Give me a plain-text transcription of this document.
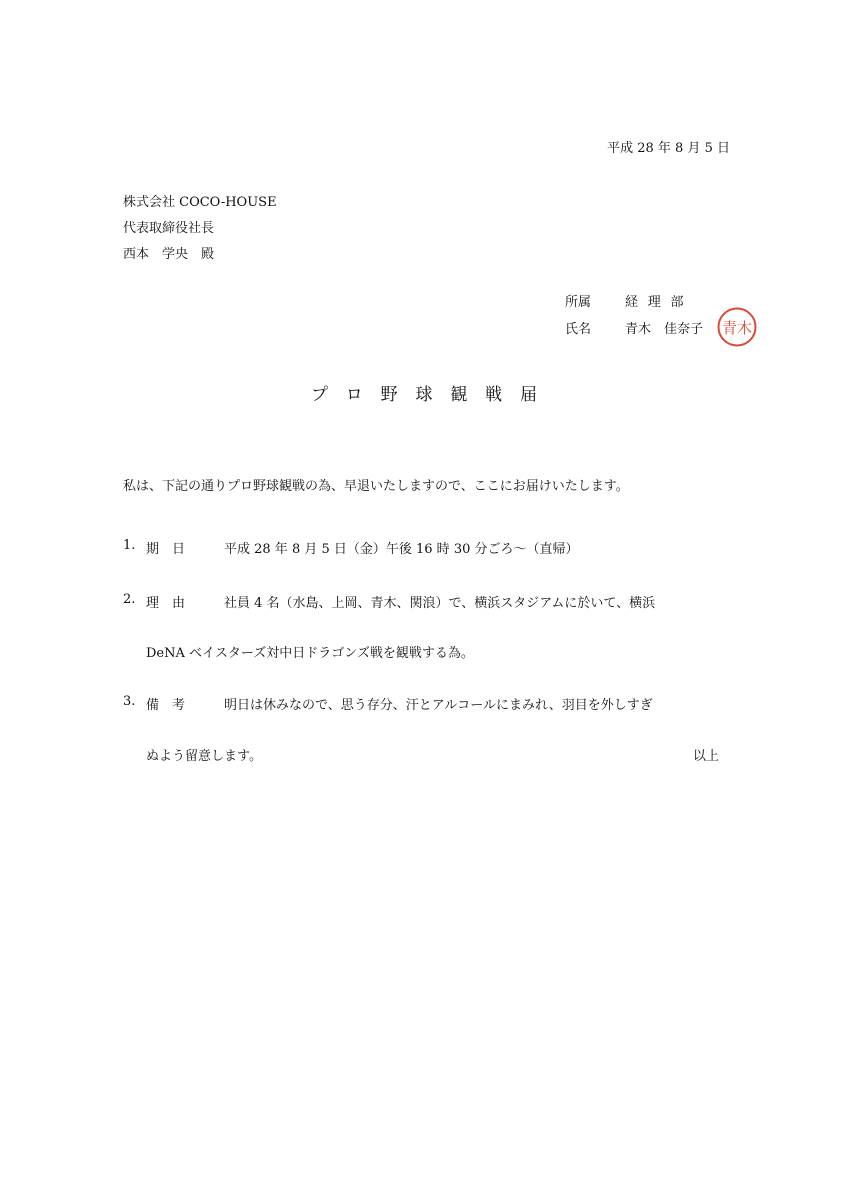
平成 28 年 8 月 5 日
株式会社 COCO-HOUSE
代表取締役社長
西本　学央　殿
所属	経理部
氏名	青木　佳奈子 青木
プロ野球観戦届
私は、下記の通りプロ野球観戦の為、早退いたしますので、ここにお届けいたします。
1. 期日 平成 28 年 8 月 5 日（金）午後 16 時 30 分ごろ〜（直帰）
2. 理由 社員 4 名（水島、上岡、青木、関浪）で、横浜スタジアムに於いて、横浜
DeNA ベイスターズ対中日ドラゴンズ戦を観戦する為。
3. 備考 明日は休みなので、思う存分、汗とアルコールにまみれ、羽目を外しすぎ
ぬよう留意します。	以上
